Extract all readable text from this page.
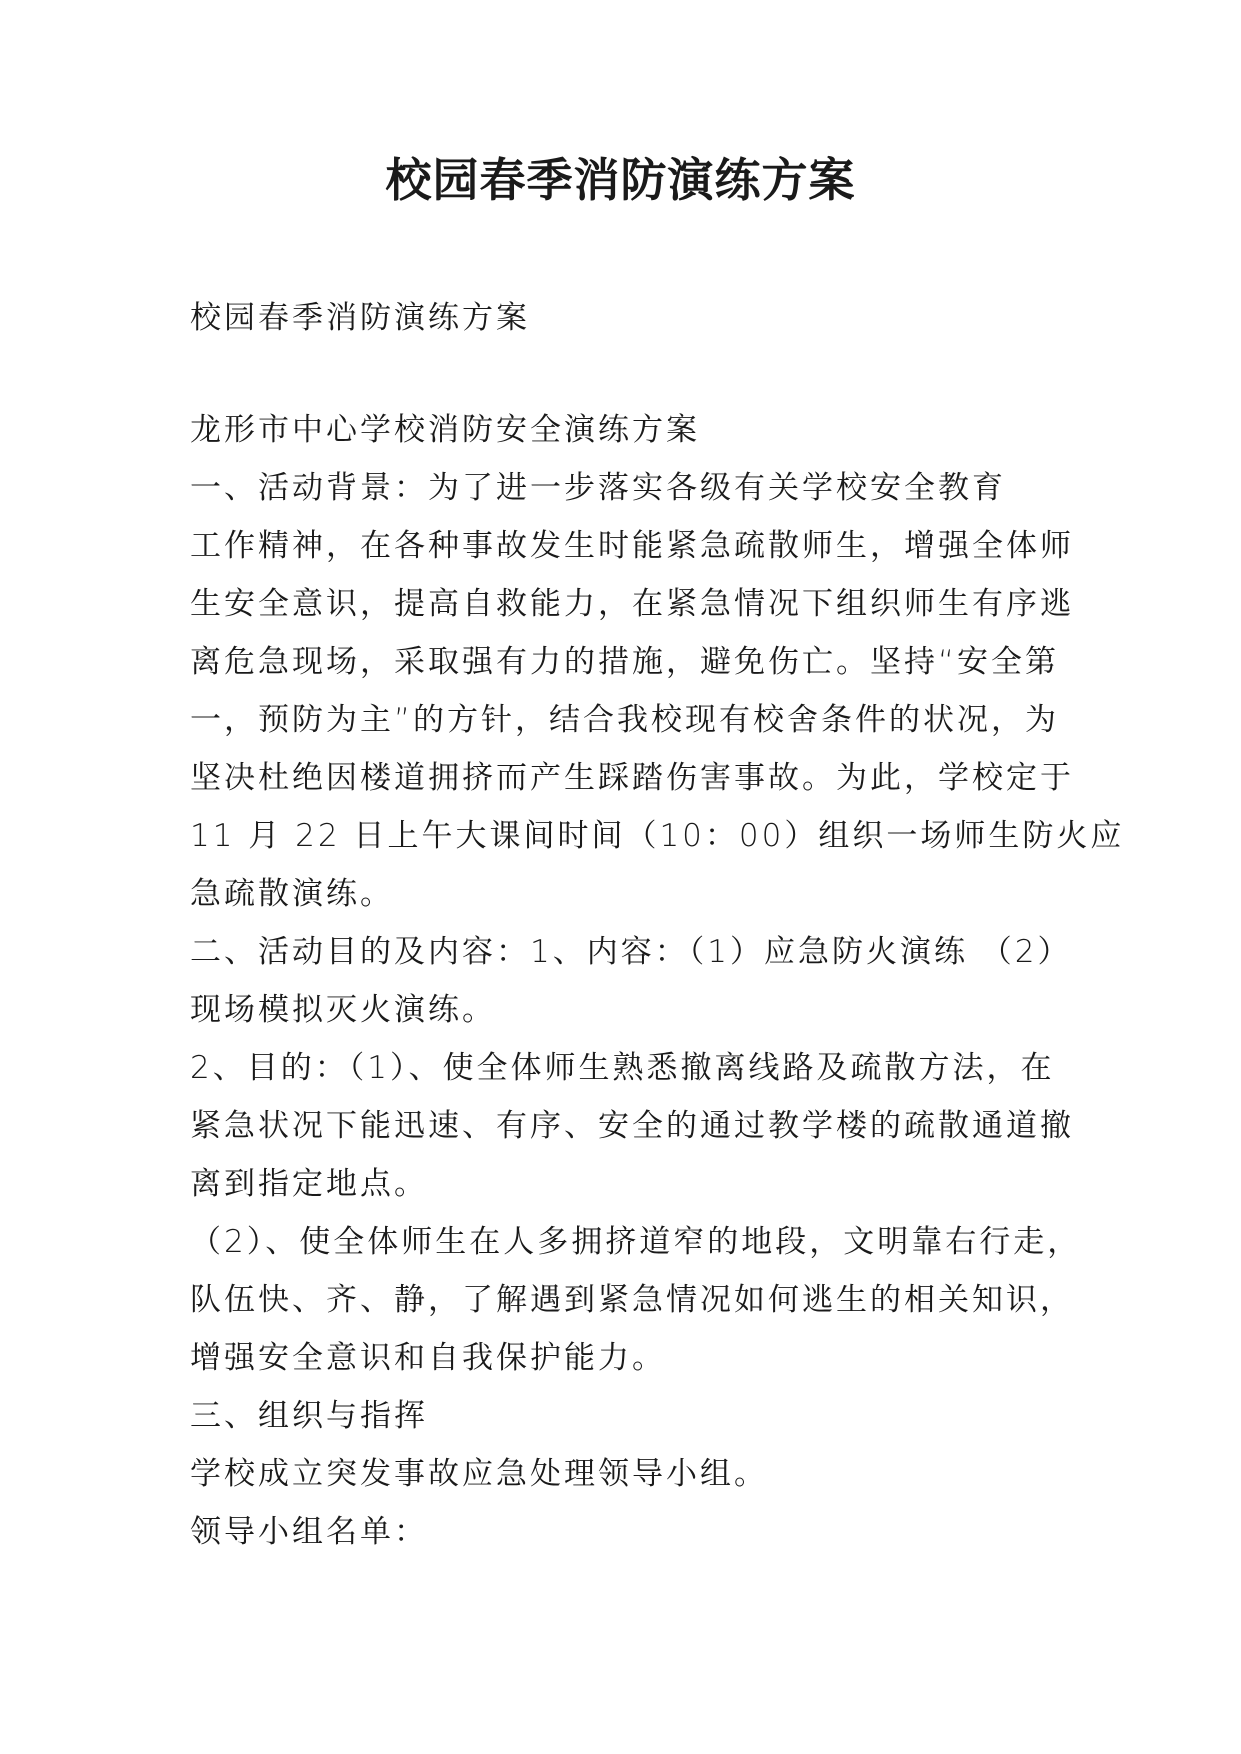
校园春季消防演练方案
校园春季消防演练方案
龙形市中心学校消防安全演练方案
一、活动背景：为了进一步落实各级有关学校安全教育
工作精神，在各种事故发生时能紧急疏散师生，增强全体师
生安全意识，提高自救能力，在紧急情况下组织师生有序逃
离危急现场，采取强有力的措施，避免伤亡。坚持“安全第
一，预防为主”的方针，结合我校现有校舍条件的状况，为
坚决杜绝因楼道拥挤而产生踩踏伤害事故。为此，学校定于
11 月 22 日上午大课间时间（10：00）组织一场师生防火应
急疏散演练。
二、活动目的及内容：1、内容：（1）应急防火演练 （2）
现场模拟灭火演练。
2、目的：（1）、使全体师生熟悉撤离线路及疏散方法，在
紧急状况下能迅速、有序、安全的通过教学楼的疏散通道撤
离到指定地点。
（2）、使全体师生在人多拥挤道窄的地段，文明靠右行走，
队伍快、齐、静，了解遇到紧急情况如何逃生的相关知识，
增强安全意识和自我保护能力。
三、组织与指挥
学校成立突发事故应急处理领导小组。
领导小组名单：
